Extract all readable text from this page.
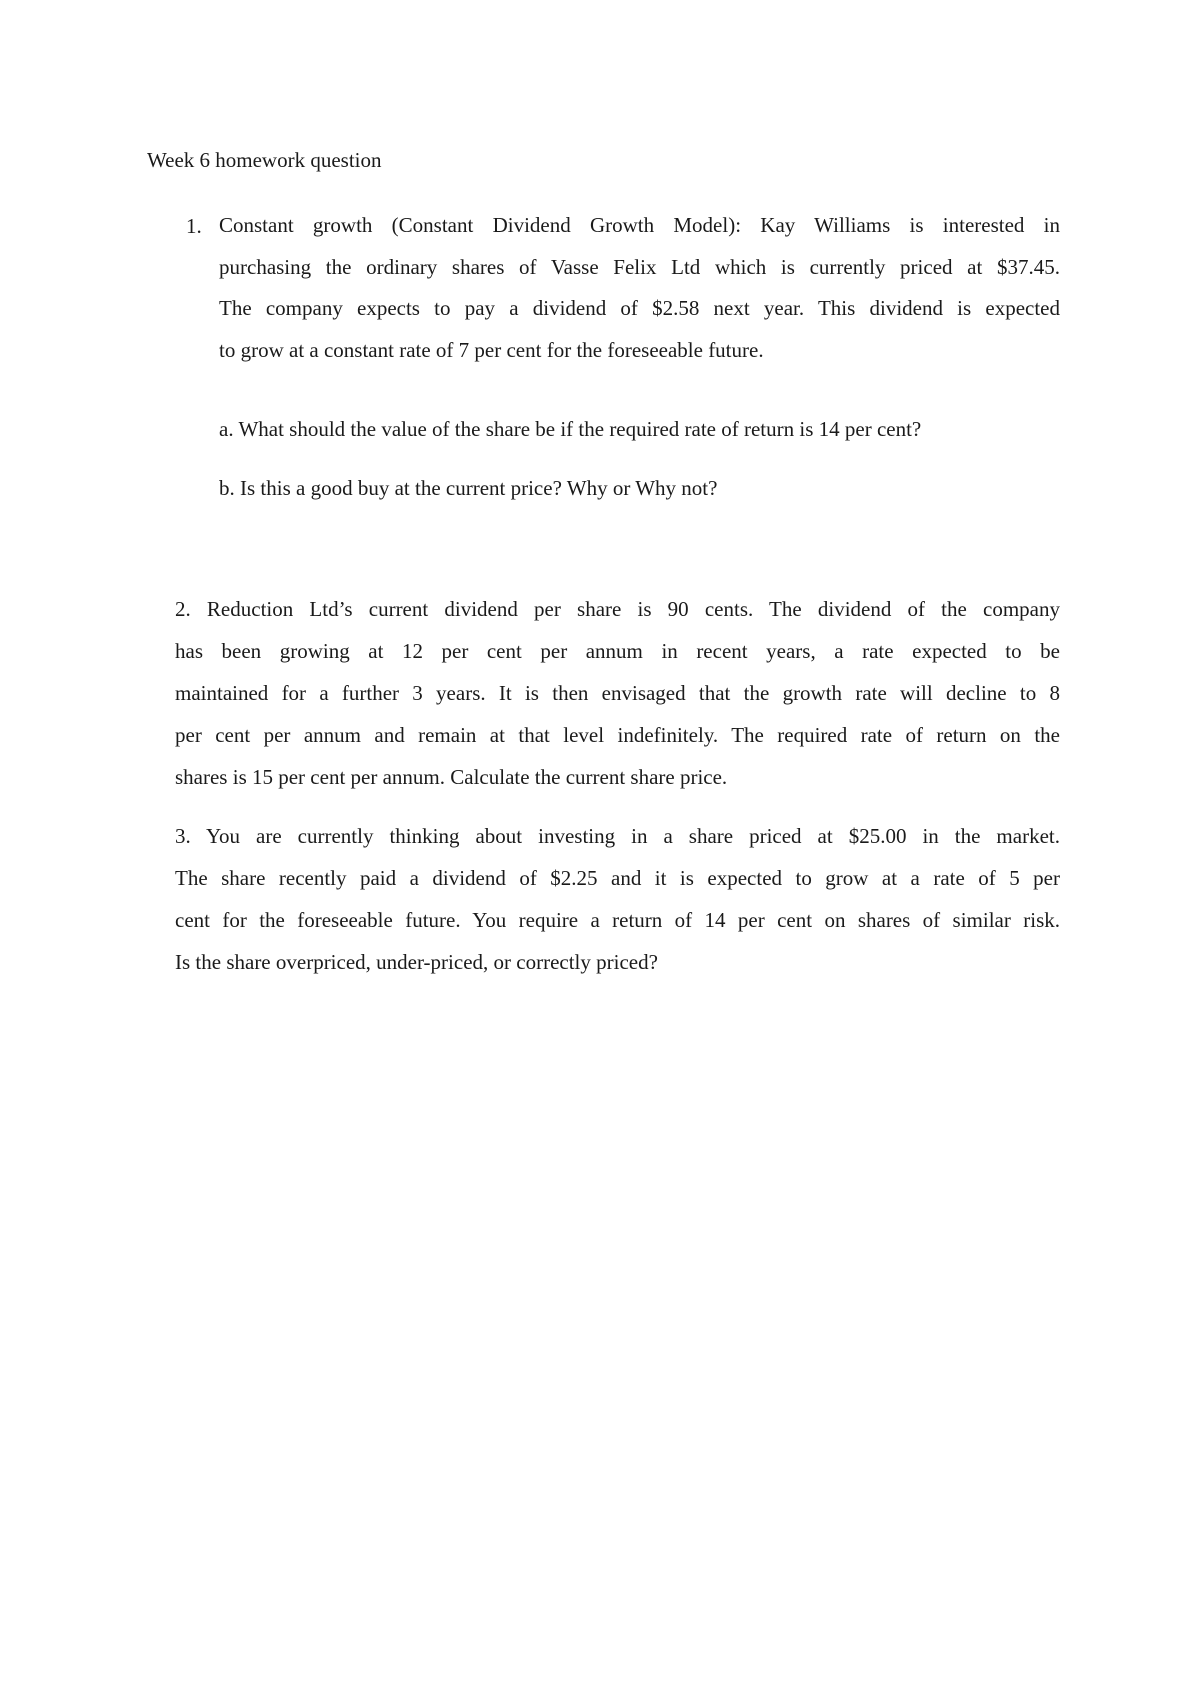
Week 6 homework question
1. Constant growth (Constant Dividend Growth Model): Kay Williams is interested in
purchasing the ordinary shares of Vasse Felix Ltd which is currently priced at $37.45.
The company expects to pay a dividend of $2.58 next year. This dividend is expected
to grow at a constant rate of 7 per cent for the foreseeable future.
a. What should the value of the share be if the required rate of return is 14 per cent?
b. Is this a good buy at the current price? Why or Why not?
2. Reduction Ltd’s current dividend per share is 90 cents. The dividend of the company
has been growing at 12 per cent per annum in recent years, a rate expected to be
maintained for a further 3 years. It is then envisaged that the growth rate will decline to 8
per cent per annum and remain at that level indefinitely. The required rate of return on the
shares is 15 per cent per annum. Calculate the current share price.
3. You are currently thinking about investing in a share priced at $25.00 in the market.
The share recently paid a dividend of $2.25 and it is expected to grow at a rate of 5 per
cent for the foreseeable future. You require a return of 14 per cent on shares of similar risk.
Is the share overpriced, under-priced, or correctly priced?
